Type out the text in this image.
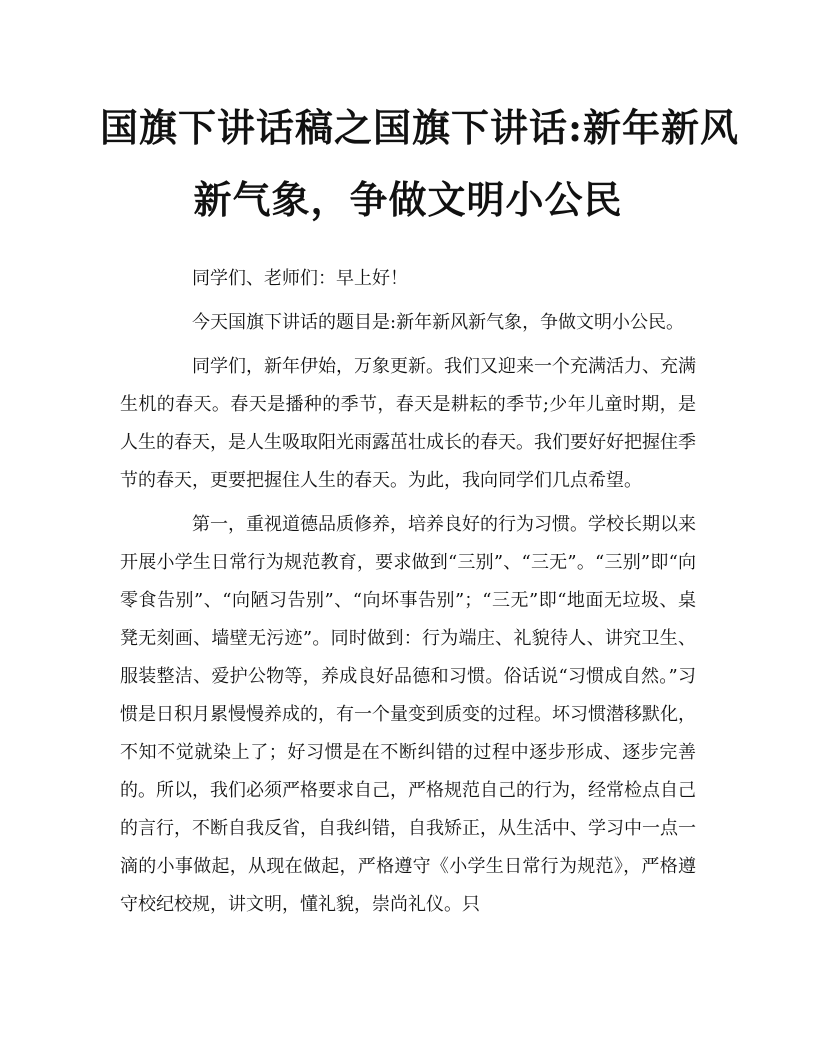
国旗下讲话稿之国旗下讲话:新年新风
新气象，争做文明小公民

同学们、老师们：早上好！

今天国旗下讲话的题目是:新年新风新气象，争做文明小公民。

同学们，新年伊始，万象更新。我们又迎来一个充满活力、充满生机的春天。春天是播种的季节，春天是耕耘的季节;少年儿童时期，是人生的春天，是人生吸取阳光雨露茁壮成长的春天。我们要好好把握住季节的春天，更要把握住人生的春天。为此，我向同学们几点希望。

第一，重视道德品质修养，培养良好的行为习惯。学校长期以来开展小学生日常行为规范教育，要求做到“三别”、“三无”。“三别”即“向零食告别”、“向陋习告别”、“向坏事告别”；“三无”即“地面无垃圾、桌凳无刻画、墙壁无污迹”。同时做到：行为端庄、礼貌待人、讲究卫生、服装整洁、爱护公物等，养成良好品德和习惯。俗话说“习惯成自然。”习惯是日积月累慢慢养成的，有一个量变到质变的过程。坏习惯潜移默化，不知不觉就染上了；好习惯是在不断纠错的过程中逐步形成、逐步完善的。所以，我们必须严格要求自己，严格规范自己的行为，经常检点自己的言行，不断自我反省，自我纠错，自我矫正，从生活中、学习中一点一滴的小事做起，从现在做起，严格遵守《小学生日常行为规范》，严格遵守校纪校规，讲文明，懂礼貌，崇尚礼仪。只
